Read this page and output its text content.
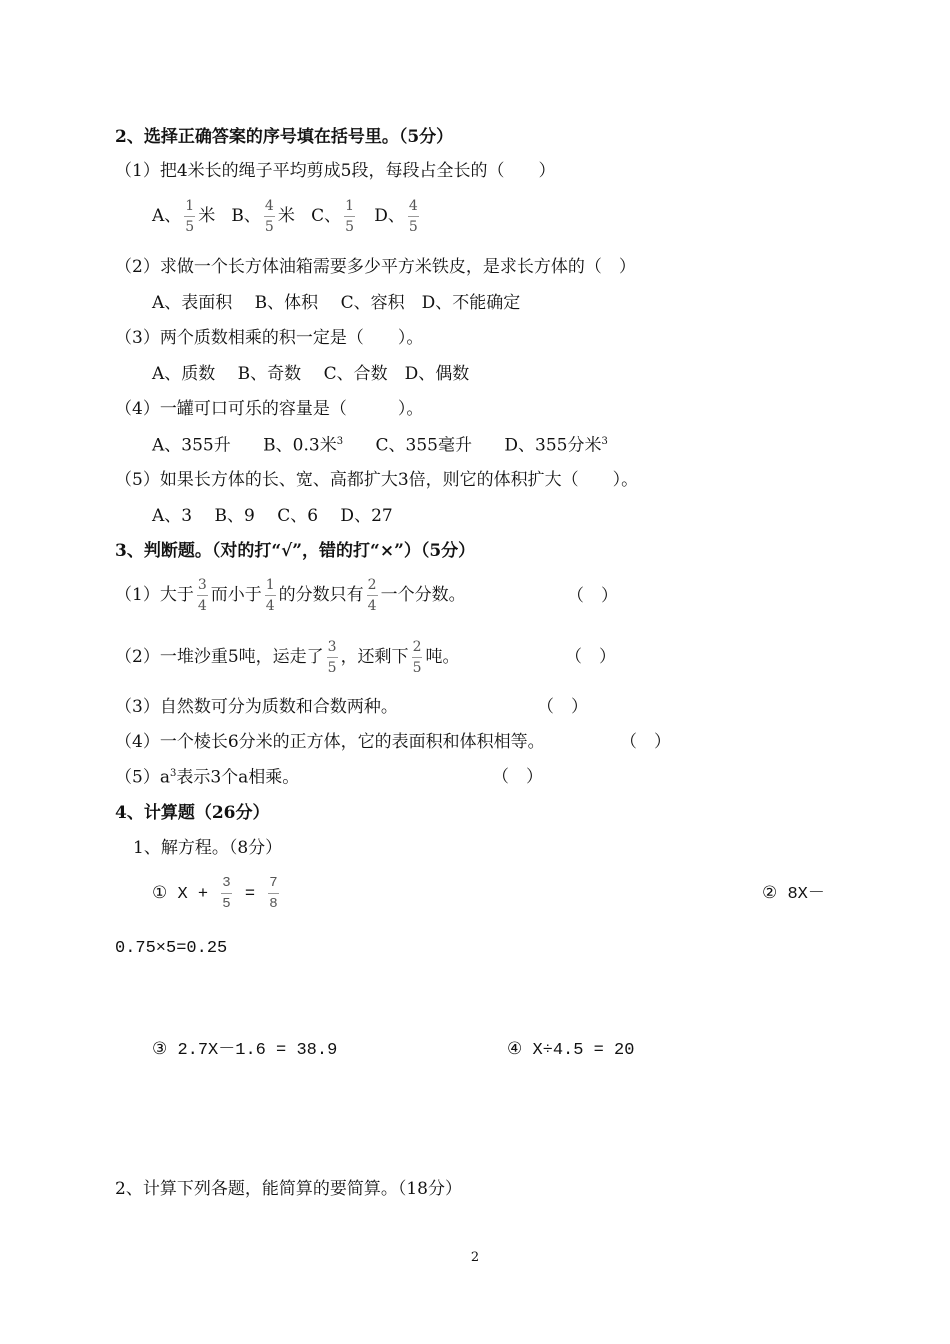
2、选择正确答案的序号填在括号里。（5分）
（1）把4米长的绳子平均剪成5段，每段占全长的（　　）
A、 $\frac{1}{5}$ 米 B、 $\frac{4}{5}$ 米 C、 $\frac{1}{5}$ D、 $\frac{4}{5}$
（2）求做一个长方体油箱需要多少平方米铁皮，是求长方体的（　）
A、表面积　 B、体积　 C、容积　D、不能确定
（3）两个质数相乘的积一定是（　　）。
A、质数　 B、奇数　 C、合数　D、偶数
（4）一罐可口可乐的容量是（　　　）。
A、355升 B、0.3米$^3$ C、355毫升 D、355分米$^3$
（5）如果长方体的长、宽、高都扩大3倍，则它的体积扩大（　　）。
A、3　 B、9　 C、6　 D、27
3、判断题。（对的打“√”，错的打“×”）（5分）
（1）大于 $\frac{3}{4}$ 而小于 $\frac{1}{4}$ 的分数只有 $\frac{2}{4}$ 一个分数。	（　）
（2）一堆沙重5吨，运走了 $\frac{3}{5}$ ，还剩下 $\frac{2}{5}$ 吨。	（　）
（3）自然数可分为质数和合数两种。	（　）
（4）一个棱长6分米的正方体，它的表面积和体积相等。	（　）
$(5)a^3$表示3个a相乘。	（　）
4、计算题（26分）
1、解方程。（8分）
① $X + \frac{3}{5} = \frac{7}{8}$	② 8X－
0.75×5=0.25
③ 2.7X－1.6 = 38.9	④ X÷4.5 = 20
2、计算下列各题，能简算的要简算。（18分）
2
